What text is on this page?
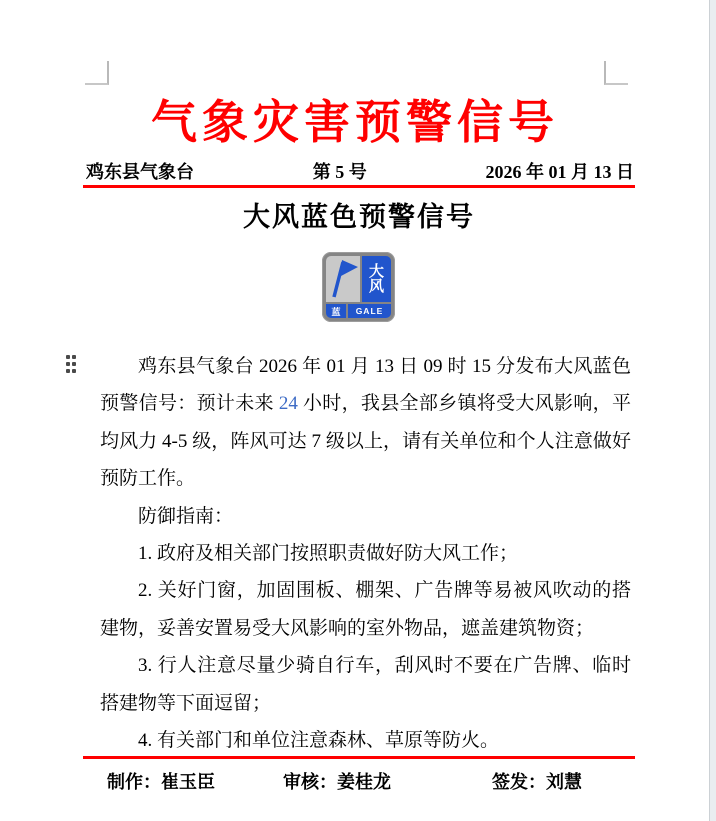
气象灾害预警信号
鸡东县气象台	第 5 号	2026 年 01 月 13 日
大风蓝色预警信号
大
风
蓝	GALE

鸡东县气象台 2026 年 01 月 13 日 09 时 15 分发布大风蓝色预警信号：预计未来 24 小时，我县全部乡镇将受大风影响，平均风力 4-5 级，阵风可达 7 级以上，请有关单位和个人注意做好预防工作。

防御指南：

1. 政府及相关部门按照职责做好防大风工作；

2. 关好门窗，加固围板、棚架、广告牌等易被风吹动的搭建物，妥善安置易受大风影响的室外物品，遮盖建筑物资；

3. 行人注意尽量少骑自行车，刮风时不要在广告牌、临时搭建物等下面逗留；

4. 有关部门和单位注意森林、草原等防火。

制作：崔玉臣	审核：姜桂龙	签发：刘慧
